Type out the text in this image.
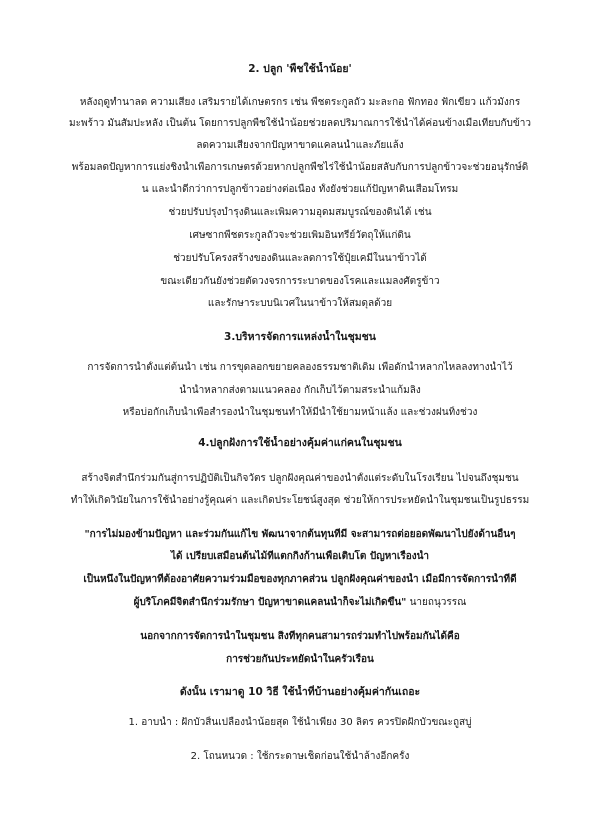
2. ปลูก 'พืชใช้น้ำน้อย'
หลังฤดูทำนาลด ความเสี่ยง เสริมรายได้เกษตรกร เช่น พืชตระกูลถั่ว มะละกอ ฟักทอง ฟักเขียว แก้วมังกร
มะพร้าว มันสัมปะหลัง เป็นต้น โดยการปลูกพืชใช้น้ำน้อยช่วยลดปริมาณการใช้น้ำได้ค่อนข้างเมื่อเทียบกับข้าว
ลดความเสี่ยงจากปัญหาขาดแคลนน้ำและภัยแล้ง
พร้อมลดปัญหาการแย่งชิงน้ำเพื่อการเกษตรด้วยหากปลูกพืชไร่ใช้น้ำน้อยสลับกับการปลูกข้าวจะช่วยอนุรักษ์ดิ
น และน้ำดีกว่าการปลูกข้าวอย่างต่อเนื่อง ทั้งยังช่วยแก้ปัญหาดินเสื่อมโทรม
ช่วยปรับปรุงบำรุงดินและเพิ่มความอุดมสมบูรณ์ของดินได้ เช่น
เศษซากพืชตระกูลถั่วจะช่วยเพิ่มอินทรีย์วัตถุให้แก่ดิน
ช่วยปรับโครงสร้างของดินและลดการใช้ปุ๋ยเคมีในนาข้าวได้
ขณะเดียวกันยังช่วยตัดวงจรการระบาดของโรคและแมลงศัตรูข้าว
และรักษาระบบนิเวศในนาข้าวให้สมดุลด้วย
3.บริหารจัดการแหล่งน้ำในชุมชน
การจัดการน้ำตั้งแต่ต้นน้ำ เช่น การขุดลอกขยายคลองธรรมชาติเดิม เพื่อดักน้ำหลากไหลลงทางน้ำไว้
น้ำน้ำหลากส่งตามแนวคลอง กักเก็บไว้ตามสระน้ำแก้มลิง
หรือบ่อกักเก็บน้ำเพื่อสำรองน้ำในชุมชนทำให้มีน้ำใช้ยามหน้าแล้ง และช่วงฝนทิ้งช่วง
4.ปลูกฝังการใช้น้ำอย่างคุ้มค่าแก่คนในชุมชน
สร้างจิตสำนึกร่วมกันสู่การปฏิบัติเป็นกิจวัตร ปลูกฝังคุณค่าของน้ำตั้งแต่ระดับในโรงเรียน ไปจนถึงชุมชน
ทำให้เกิดวินัยในการใช้น้ำอย่างรู้คุณค่า และเกิดประโยชน์สูงสุด ช่วยให้การประหยัดน้ำในชุมชนเป็นรูปธรรม
"การไม่มองข้ามปัญหา และร่วมกันแก้ไข พัฒนาจากต้นทุนที่มี จะสามารถต่อยอดพัฒนาไปยังด้านอื่นๆ
ได้ เปรียบเสมือนต้นไม้ที่แตกกิ่งก้านเพื่อเติบโต ปัญหาเรื่องน้ำ
เป็นหนึ่งในปัญหาที่ต้องอาศัยความร่วมมือของทุกภาคส่วน ปลูกฝังคุณค่าของน้ำ เมื่อมีการจัดการน้ำที่ดี
ผู้บริโภคมีจิตสำนึกร่วมรักษา ปัญหาขาดแคลนน้ำก็จะไม่เกิดขึ้น" นายถนุวรรณ
นอกจากการจัดการน้ำในชุมชน สิ่งที่ทุกคนสามารถร่วมทำไปพร้อมกันได้คือ
การช่วยกันประหยัดน้ำในครัวเรือน
ดังนั้น เรามาดู 10 วิธี ใช้น้ำที่บ้านอย่างคุ้มค่ากันเถอะ
1. อาบน้ำ : ฝักบัวสิ้นเปลืองน้ำน้อยสุด ใช้น้ำเพียง 30 ลิตร ควรปิดฝักบัวขณะถูสบู่
2. โถนหนวด : ใช้กระดาษเช็ดก่อนใช้น้ำล้างอีกครั้ง
